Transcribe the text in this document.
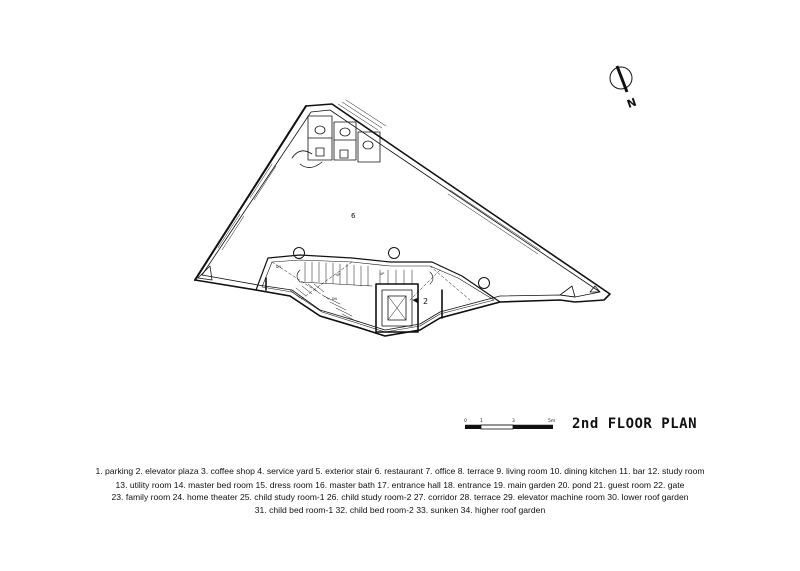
6
2
DN
UP	UP
DN
N
0	1	3	5m 2nd FLOOR PLAN
1. parking 2. elevator plaza 3. coffee shop 4. service yard 5. exterior stair 6. restaurant 7. office 8. terrace 9. living room 10. dining kitchen 11. bar 12. study room
13. utility room 14. master bed room 15. dress room 16. master bath 17. entrance hall 18. entrance 19. main garden 20. pond 21. guest room 22. gate
23. family room 24. home theater 25. child study room-1 26. child study room-2 27. corridor 28. terrace 29. elevator machine room 30. lower roof garden
31. child bed room-1 32. child bed room-2 33. sunken 34. higher roof garden
